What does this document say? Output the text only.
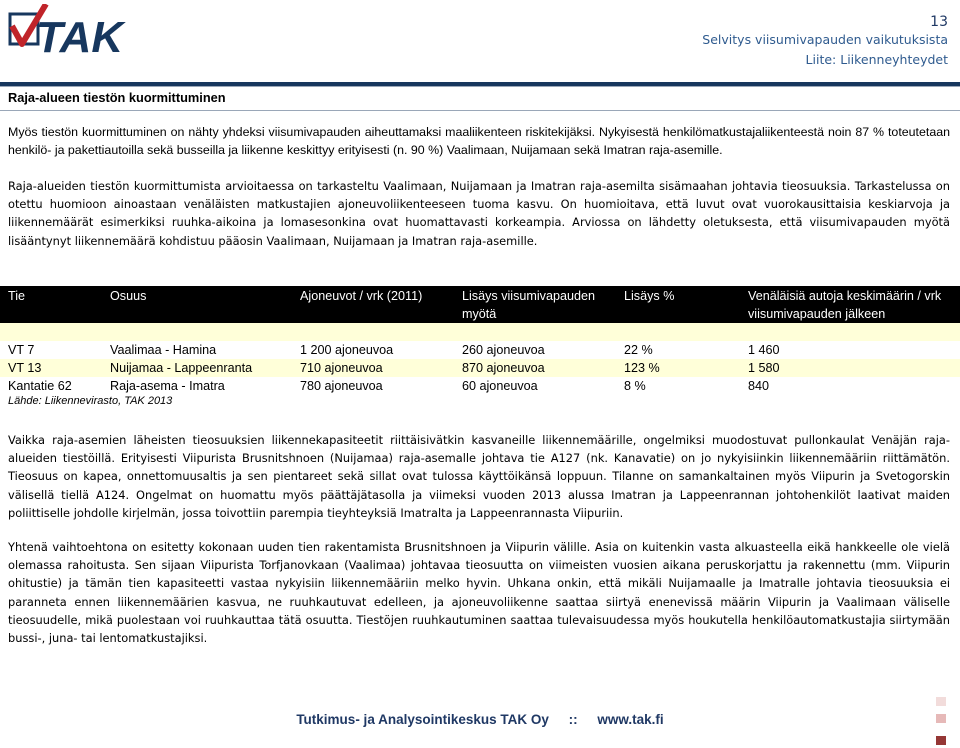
TAK	13
Selvitys viisumivapauden vaikutuksista
Liite: Liikenneyhteydet
Raja-alueen tiestön kuormittuminen
Myös tiestön kuormittuminen on nähty yhdeksi viisumivapauden aiheuttamaksi maaliikenteen riskitekijäksi. Nykyisestä henkilömatkustajaliikenteestä noin 87 % toteutetaan henkilö- ja pakettiautoilla sekä busseilla ja liikenne keskittyy erityisesti (n. 90 %) Vaalimaan, Nuijamaan sekä Imatran raja-asemille.
Raja-alueiden tiestön kuormittumista arvioitaessa on tarkasteltu Vaalimaan, Nuijamaan ja Imatran raja-asemilta sisämaahan johtavia tieosuuksia. Tarkastelussa on otettu huomioon ainoastaan venäläisten matkustajien ajoneuvoliikenteeseen tuoma kasvu. On huomioitava, että luvut ovat vuorokausittaisia keskiarvoja ja liikennemäärät esimerkiksi ruuhka-aikoina ja lomasesonkina ovat huomattavasti korkeampia. Arviossa on lähdetty oletuksesta, että viisumivapauden myötä lisääntynyt liikennemäärä kohdistuu pääosin Vaalimaan, Nuijamaan ja Imatran raja-asemille.
Tie	Osuus	Ajoneuvot / vrk (2011)	Lisäys viisumivapauden myötä	Lisäys %	Venäläisiä autoja keskimäärin / vrk viisumivapauden jälkeen

VT 7	Vaalimaa - Hamina	1 200 ajoneuvoa	260 ajoneuvoa	22 %	1 460
VT 13	Nuijamaa - Lappeenranta	710 ajoneuvoa	870 ajoneuvoa	123 %	1 580
Kantatie 62	Raja-asema - Imatra	780 ajoneuvoa	60 ajoneuvoa	8 %	840
Lähde: Liikennevirasto, TAK 2013
Vaikka raja-asemien läheisten tieosuuksien liikennekapasiteetit riittäisivätkin kasvaneille liikennemäärille, ongelmiksi muodostuvat pullonkaulat Venäjän raja-alueiden tiestöillä. Erityisesti Viipurista Brusnitshnoen (Nuijamaa) raja-asemalle johtava tie A127 (nk. Kanavatie) on jo nykyisiinkin liikennemääriin riittämätön. Tieosuus on kapea, onnettomuusaltis ja sen pientareet sekä sillat ovat tulossa käyttöikänsä loppuun. Tilanne on samankaltainen myös Viipurin ja Svetogorskin välisellä tiellä A124. Ongelmat on huomattu myös päättäjätasolla ja viimeksi vuoden 2013 alussa Imatran ja Lappeenrannan johtohenkilöt laativat maiden poliittiselle johdolle kirjelmän, jossa toivottiin parempia tieyhteyksiä Imatralta ja Lappeenrannasta Viipuriin.
Yhtenä vaihtoehtona on esitetty kokonaan uuden tien rakentamista Brusnitshnoen ja Viipurin välille. Asia on kuitenkin vasta alkuasteella eikä hankkeelle ole vielä olemassa rahoitusta. Sen sijaan Viipurista Torfjanovkaan (Vaalimaa) johtavaa tieosuutta on viimeisten vuosien aikana peruskorjattu ja rakennettu (mm. Viipurin ohitustie) ja tämän tien kapasiteetti vastaa nykyisiin liikennemääriin melko hyvin. Uhkana onkin, että mikäli Nuijamaalle ja Imatralle johtavia tieosuuksia ei paranneta ennen liikennemäärien kasvua, ne ruuhkautuvat edelleen, ja ajoneuvoliikenne saattaa siirtyä enenevissä määrin Viipurin ja Vaalimaan väliselle tieosuudelle, mikä puolestaan voi ruuhkauttaa tätä osuutta. Tiestöjen ruuhkautuminen saattaa tulevaisuudessa myös houkutella henkilöautomatkustajia siirtymään bussi-, juna- tai lentomatkustajiksi.
Tutkimus- ja Analysointikeskus TAK Oy :: www.tak.fi
